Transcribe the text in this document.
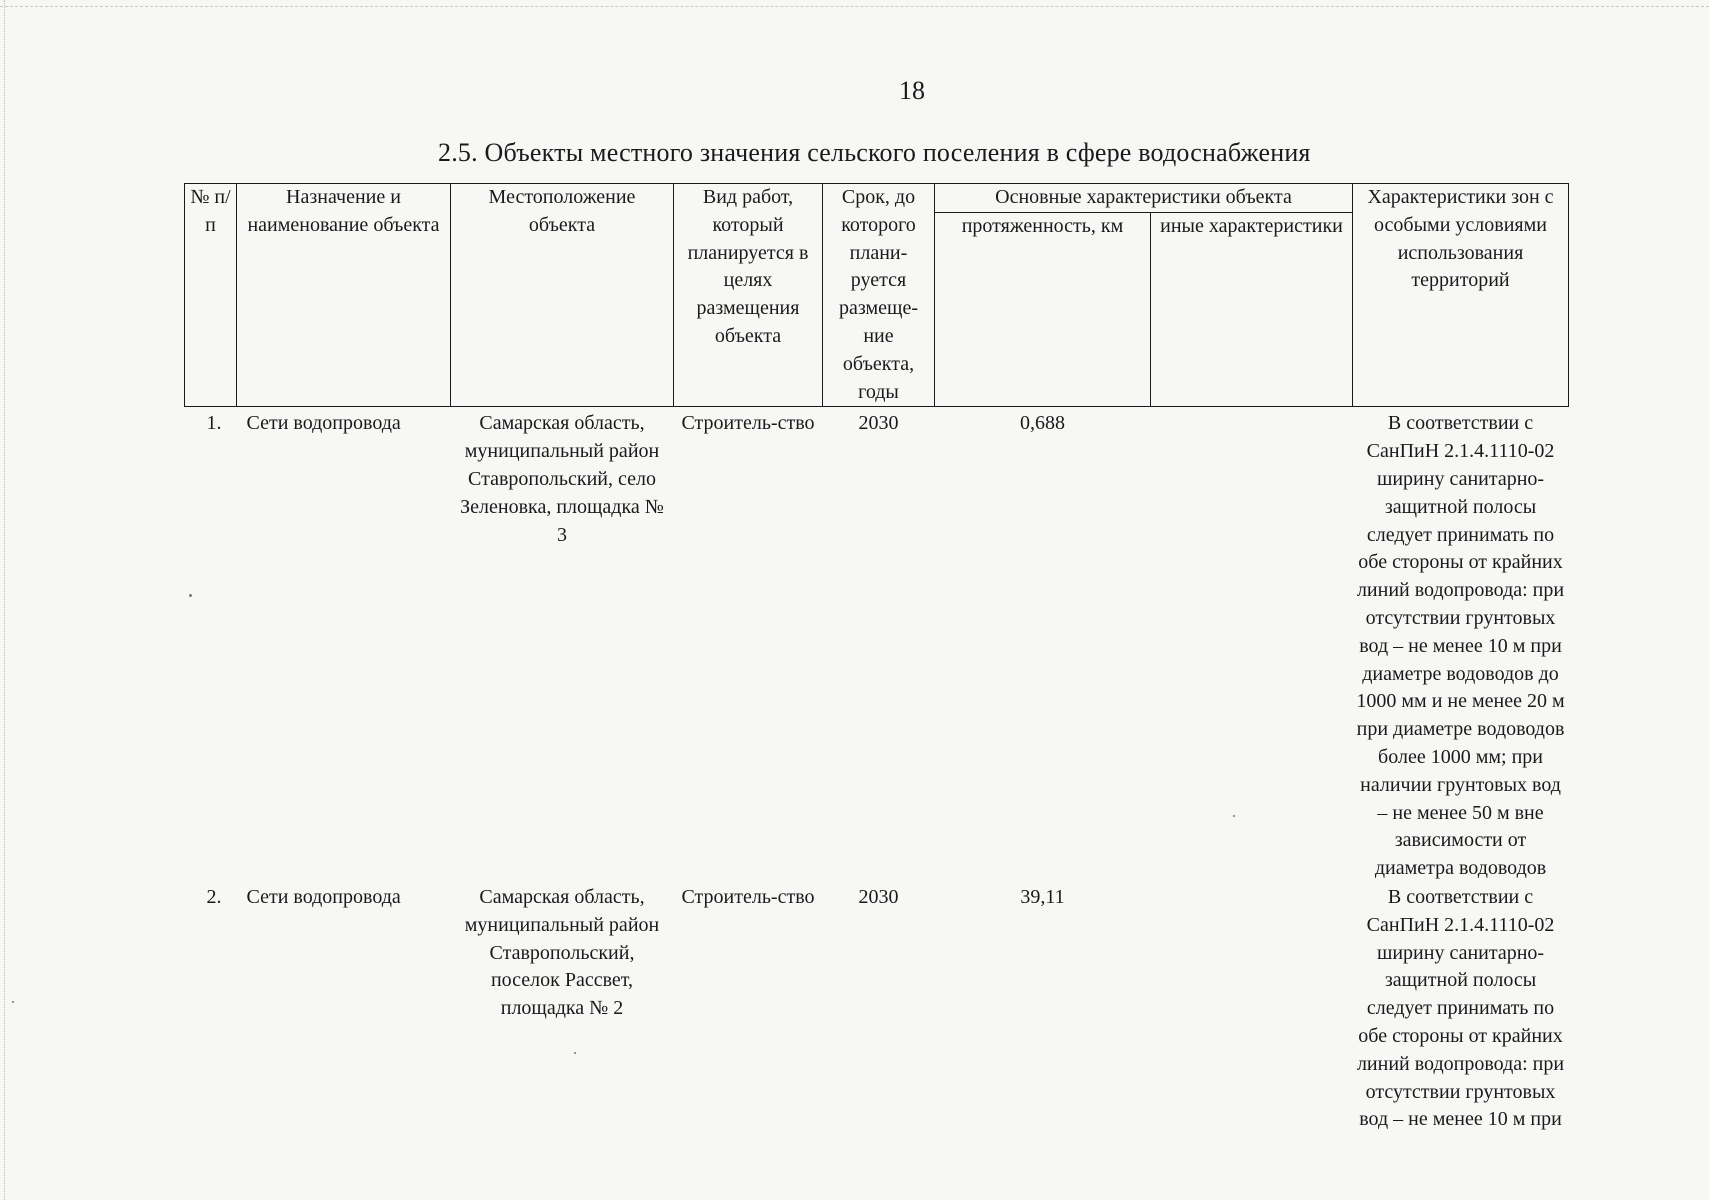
18
2.5. Объекты местного значения сельского поселения в сфере водоснабжения
№ п/п	Назначение и наименование объекта	Местоположение объекта	Вид работ, который планируется в целях размещения объекта	Срок, до которого плани-руется размеще-ние объекта, годы	Основные характеристики объекта		Характеристики зон с особыми условиями использования территорий
					протяженность, км	иные характеристики	
1.	Сети водопровода	Самарская область, муниципальный район Ставропольский, село Зеленовка, площадка № 3	Строитель-ство	2030	0,688		В соответствии с СанПиН 2.1.4.1110-02 ширину санитарно-защитной полосы следует принимать по обе стороны от крайних линий водопровода: при отсутствии грунтовых вод – не менее 10 м при диаметре водоводов до 1000 мм и не менее 20 м при диаметре водоводов более 1000 мм; при наличии грунтовых вод – не менее 50 м вне зависимости от диаметра водоводов
2.	Сети водопровода	Самарская область, муниципальный район Ставропольский, поселок Рассвет, площадка № 2	Строитель-ство	2030	39,11		В соответствии с СанПиН 2.1.4.1110-02 ширину санитарно-защитной полосы следует принимать по обе стороны от крайних линий водопровода: при отсутствии грунтовых вод – не менее 10 м при
